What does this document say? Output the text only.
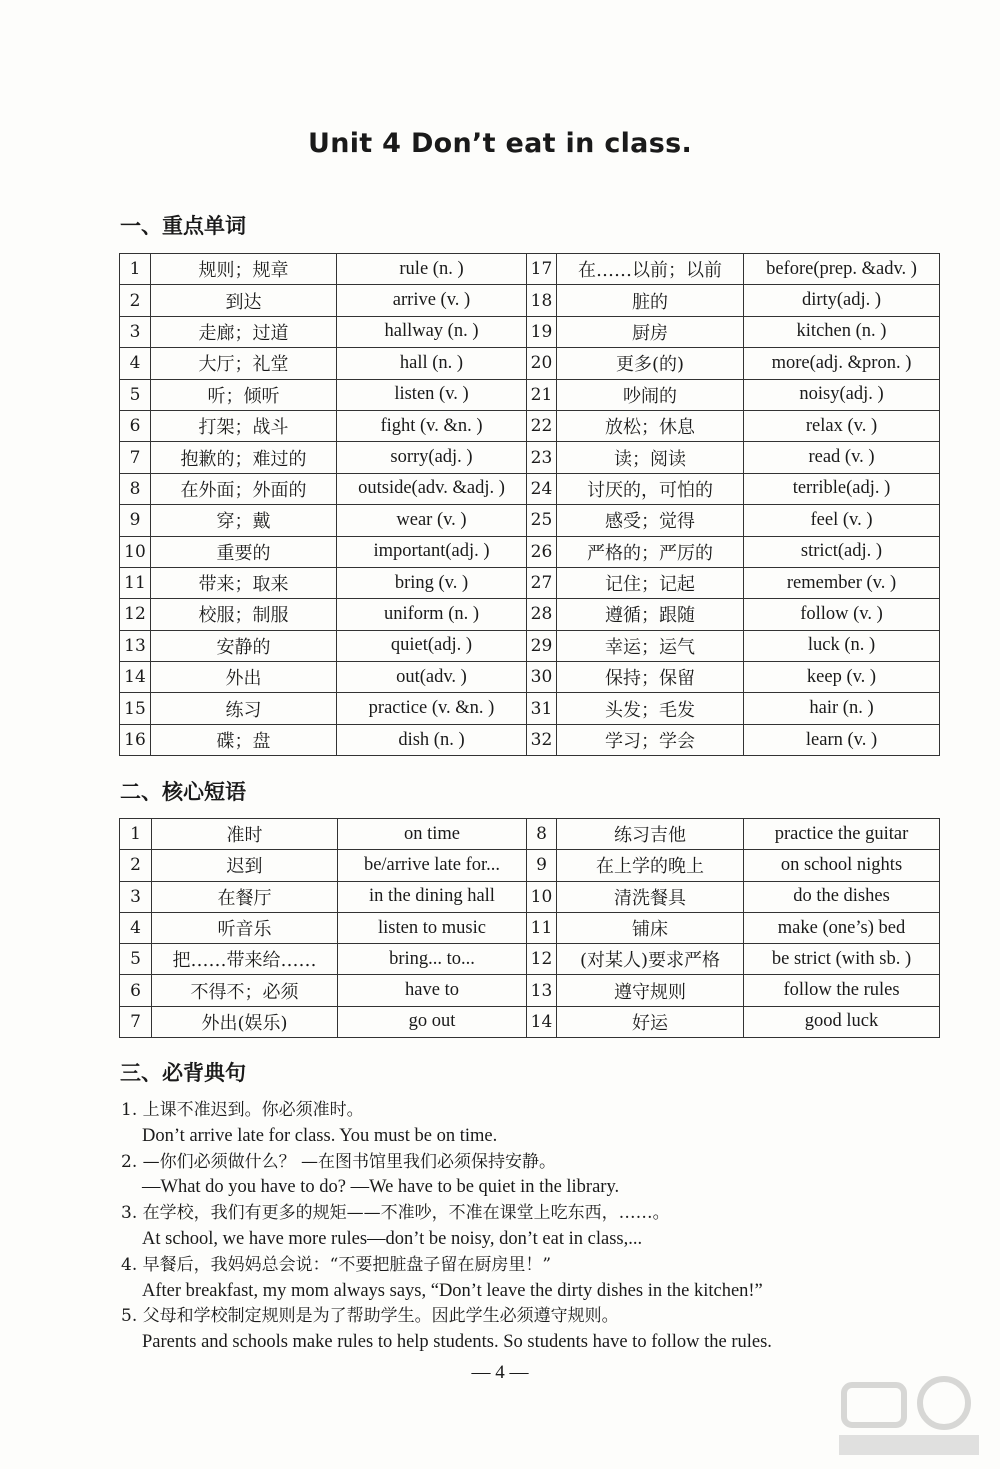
Unit 4 Don’t eat in class.
一、重点单词
1	规则；规章	rule (n. )	17	在……以前；以前	before(prep. &adv. )
2	到达	arrive (v. )	18	脏的	dirty(adj. )
3	走廊；过道	hallway (n. )	19	厨房	kitchen (n. )
4	大厅；礼堂	hall (n. )	20	更多(的)	more(adj. &pron. )
5	听；倾听	listen (v. )	21	吵闹的	noisy(adj. )
6	打架；战斗	fight (v. &n. )	22	放松；休息	relax (v. )
7	抱歉的；难过的	sorry(adj. )	23	读；阅读	read (v. )
8	在外面；外面的	outside(adv. &adj. )	24	讨厌的，可怕的	terrible(adj. )
9	穿；戴	wear (v. )	25	感受；觉得	feel (v. )
10	重要的	important(adj. )	26	严格的；严厉的	strict(adj. )
11	带来；取来	bring (v. )	27	记住；记起	remember (v. )
12	校服；制服	uniform (n. )	28	遵循；跟随	follow (v. )
13	安静的	quiet(adj. )	29	幸运；运气	luck (n. )
14	外出	out(adv. )	30	保持；保留	keep (v. )
15	练习	practice (v. &n. )	31	头发；毛发	hair (n. )
16	碟；盘	dish (n. )	32	学习；学会	learn (v. )
二、核心短语
1	准时	on time	8	练习吉他	practice the guitar
2	迟到	be/arrive late for...	9	在上学的晚上	on school nights
3	在餐厅	in the dining hall	10	清洗餐具	do the dishes
4	听音乐	listen to music	11	铺床	make (one’s) bed
5	把……带来给……	bring... to...	12	(对某人)要求严格	be strict (with sb. )
6	不得不；必须	have to	13	遵守规则	follow the rules
7	外出(娱乐)	go out	14	好运	good luck
三、必背典句
1. 上课不准迟到。你必须准时。
Don’t arrive late for class. You must be on time.
2. —你们必须做什么？ —在图书馆里我们必须保持安静。
—What do you have to do? —We have to be quiet in the library.
3. 在学校，我们有更多的规矩——不准吵，不准在课堂上吃东西，……。
At school, we have more rules—don’t be noisy, don’t eat in class,...
4. 早餐后，我妈妈总会说：“不要把脏盘子留在厨房里！”
After breakfast, my mom always says, “Don’t leave the dirty dishes in the kitchen!”
5. 父母和学校制定规则是为了帮助学生。因此学生必须遵守规则。
Parents and schools make rules to help students. So students have to follow the rules.
— 4 —
